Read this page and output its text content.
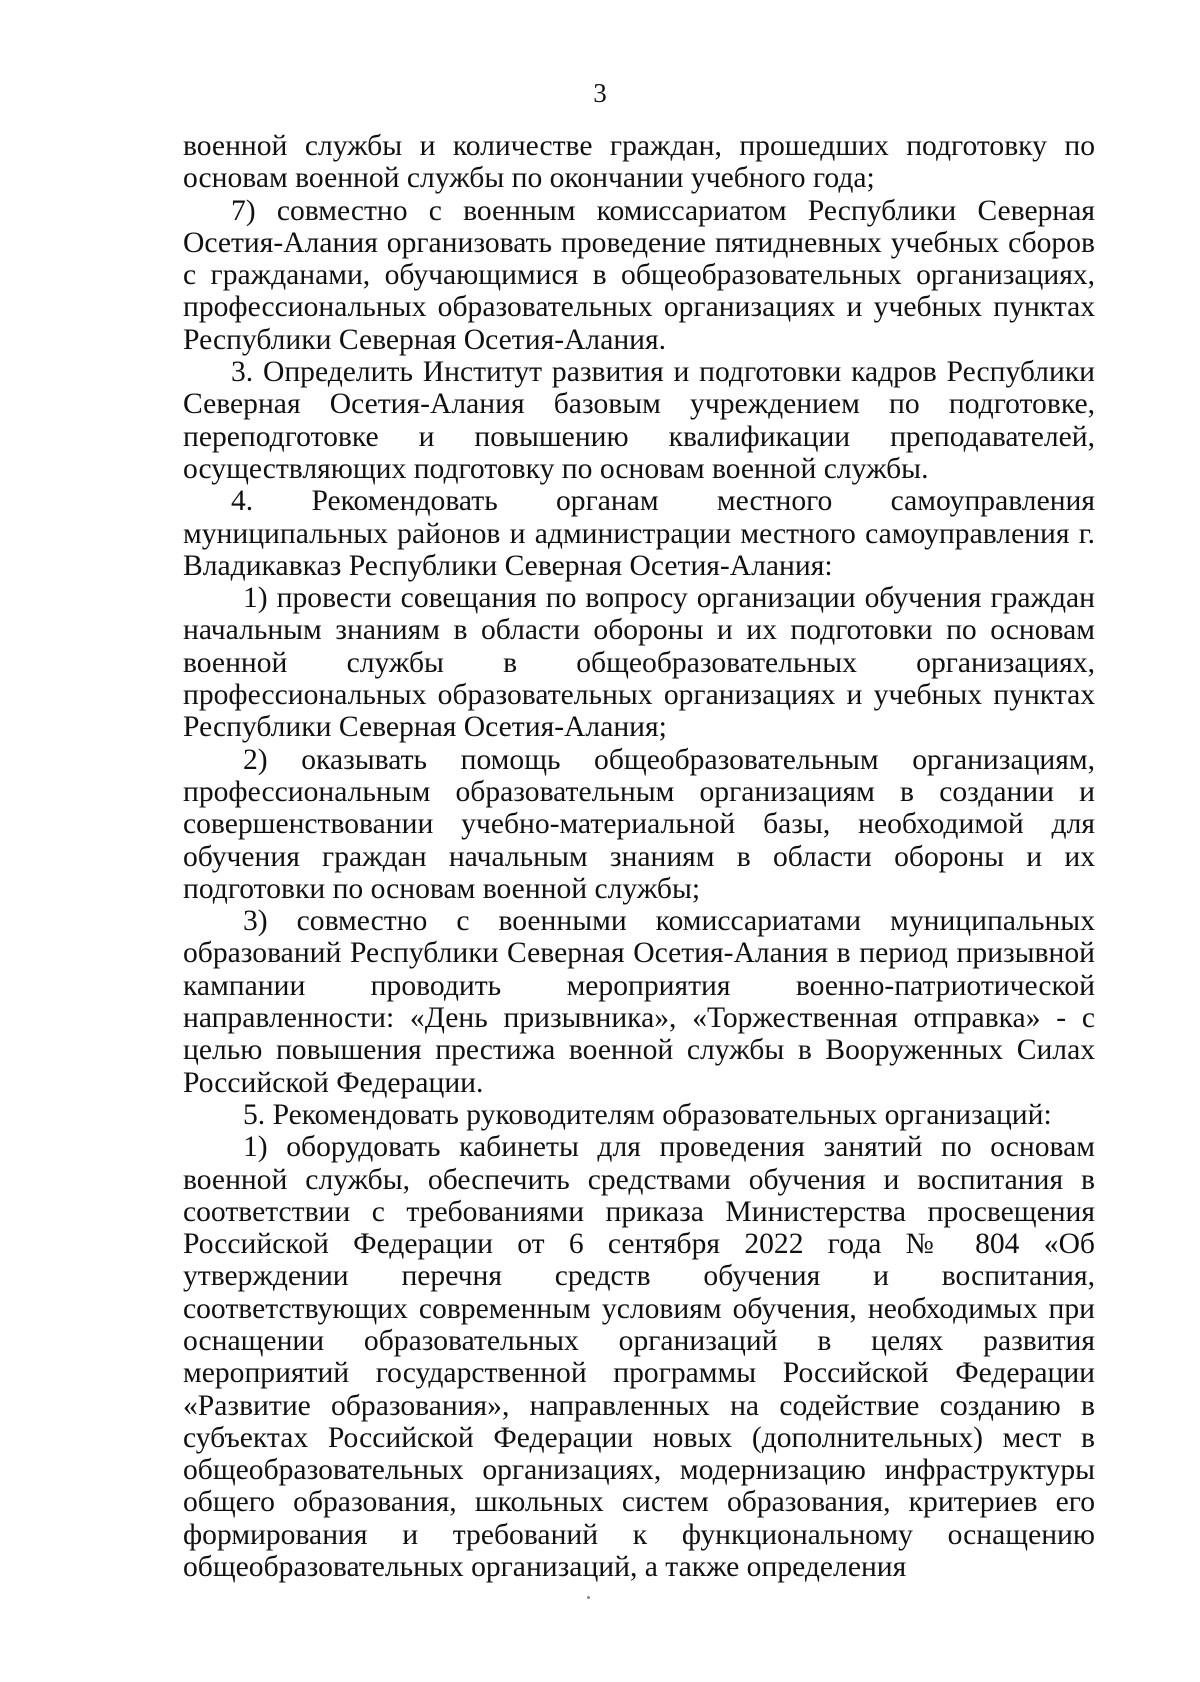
3

военной службы и количестве граждан, прошедших подготовку по основам военной службы по окончании учебного года;

7) совместно с военным комиссариатом Республики Северная Осетия-Алания организовать проведение пятидневных учебных сборов с гражданами, обучающимися в общеобразовательных организациях, профессиональных образовательных организациях и учебных пунктах Республики Северная Осетия-Алания.

3. Определить Институт развития и подготовки кадров Республики Северная Осетия-Алания базовым учреждением по подготовке, переподготовке и повышению квалификации преподавателей, осуществляющих подготовку по основам военной службы.

4. Рекомендовать органам местного самоуправления муниципальных районов и администрации местного самоуправления г. Владикавказ Республики Северная Осетия-Алания:

1) провести совещания по вопросу организации обучения граждан начальным знаниям в области обороны и их подготовки по основам военной службы в общеобразовательных организациях, профессиональных образовательных организациях и учебных пунктах Республики Северная Осетия-Алания;

2) оказывать помощь общеобразовательным организациям, профессиональным образовательным организациям в создании и совершенствовании учебно-материальной базы, необходимой для обучения граждан начальным знаниям в области обороны и их подготовки по основам военной службы;

3) совместно с военными комиссариатами муниципальных образований Республики Северная Осетия-Алания в период призывной кампании проводить мероприятия военно-патриотической направленности: «День призывника», «Торжественная отправка» - с целью повышения престижа военной службы в Вооруженных Силах Российской Федерации.

5. Рекомендовать руководителям образовательных организаций:

1) оборудовать кабинеты для проведения занятий по основам военной службы, обеспечить средствами обучения и воспитания в соответствии с требованиями приказа Министерства просвещения Российской Федерации от 6 сентября 2022 года № 804 «Об утверждении перечня средств обучения и воспитания, соответствующих современным условиям обучения, необходимых при оснащении образовательных организаций в целях развития мероприятий государственной программы Российской Федерации «Развитие образования», направленных на содействие созданию в субъектах Российской Федерации новых (дополнительных) мест в общеобразовательных организациях, модернизацию инфраструктуры общего образования, школьных систем образования, критериев его формирования и требований к функциональному оснащению общеобразовательных организаций, а также определения
